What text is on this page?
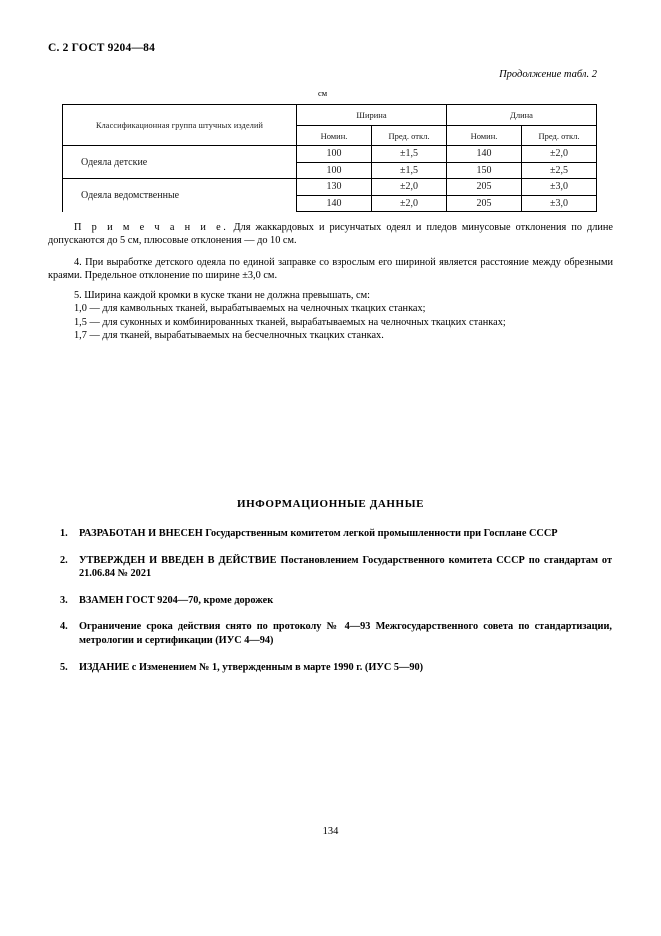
С. 2 ГОСТ 9204—84
Продолжение табл. 2
см
Классификационная группа штучных изделий	Ширина		Длина	
	Номин.	Пред. откл.	Номин.	Пред. откл.
Одеяла детские	100	±1,5	140	±2,0
	100	±1,5	150	±2,5
Одеяла ведомственные	130	±2,0	205	±3,0
	140	±2,0	205	±3,0

П р и м е ч а н и е. Для жаккардовых и рисунчатых одеял и пледов минусовые отклонения по длине допускаются до 5 см, плюсовые отклонения — до 10 см.

4. При выработке детского одеяла по единой заправке со взрослым его шириной является расстояние между обрезными краями. Предельное отклонение по ширине ±3,0 см.

5. Ширина каждой кромки в куске ткани не должна превышать, см:

1,0 — для камвольных тканей, вырабатываемых на челночных ткацких станках;

1,5 — для суконных и комбинированных тканей, вырабатываемых на челночных ткацких станках;

1,7 — для тканей, вырабатываемых на бесчелночных ткацких станках.

ИНФОРМАЦИОННЫЕ ДАННЫЕ
1. РАЗРАБОТАН И ВНЕСЕН Государственным комитетом легкой промышленности при Госплане СССР
2. УТВЕРЖДЕН И ВВЕДЕН В ДЕЙСТВИЕ Постановлением Государственного комитета СССР по стандартам от 21.06.84 № 2021
3. ВЗАМЕН ГОСТ 9204—70, кроме дорожек
4. Ограничение срока действия снято по протоколу № 4—93 Межгосударственного совета по стандартизации, метрологии и сертификации (ИУС 4—94)
5. ИЗДАНИЕ с Изменением № 1, утвержденным в марте 1990 г. (ИУС 5—90)
134
